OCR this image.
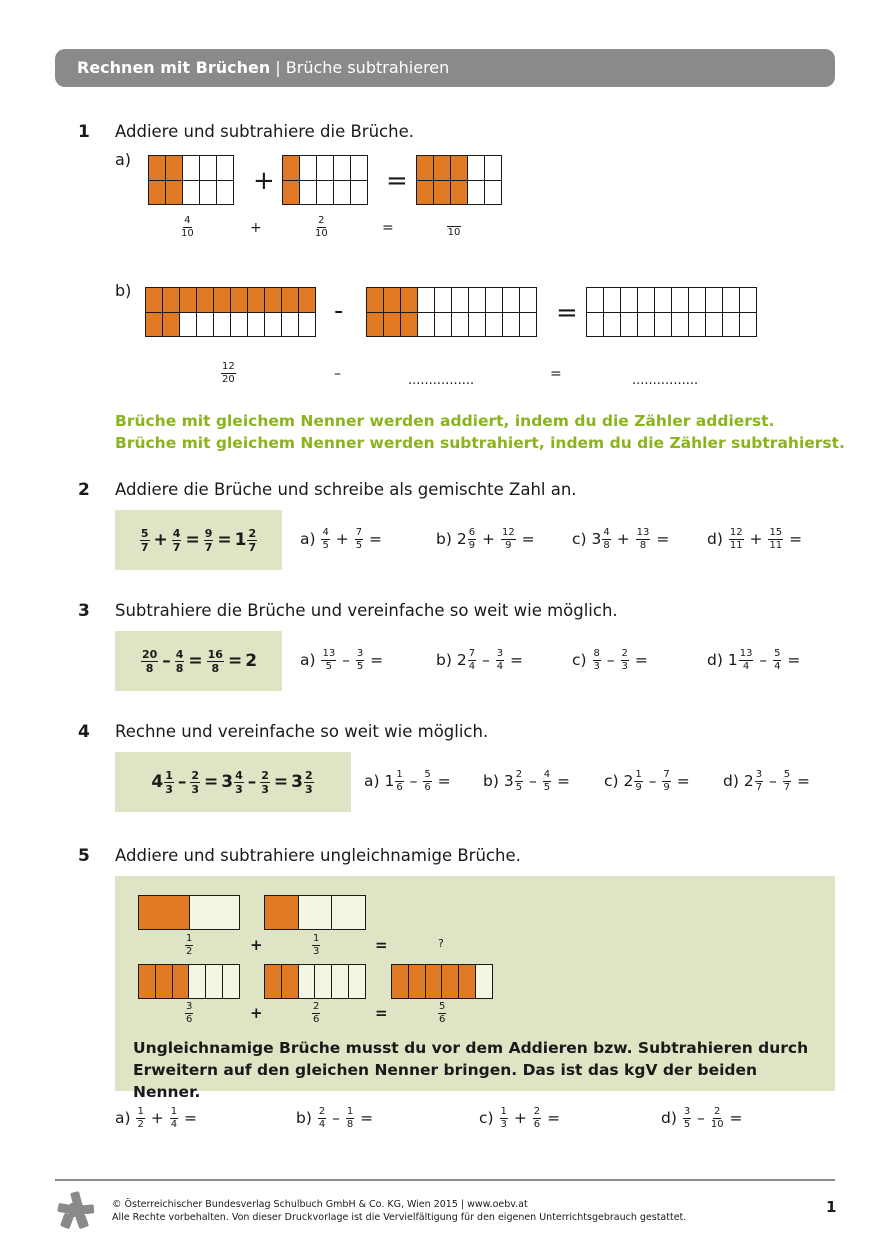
Rechnen mit Brüchen | Brüche subtrahieren
1 Addiere und subtrahiere die Brüche.
a)

+

					=

$\frac{4}{10}$	+	$\frac{2}{10}$	=	10
b)

-

										=

$\frac{12}{20}$	–	................	=	................
Brüche mit gleichem Nenner werden addiert, indem du die Zähler addierst.
Brüche mit gleichem Nenner werden subtrahiert, indem du die Zähler subtrahierst.
2 Addiere die Brüche und schreibe als gemischte Zahl an.
$\frac{5}{7} + \frac{4}{7} = \frac{9}{7} = 1 \frac{2}{7}$	a)
$\frac{4}{5}$
+
$\frac{7}{5}$
=	b)
$2 \frac{6}{9}$
+
$\frac{12}{9}$
= c)
$3 \frac{4}{8}$
+
$\frac{13}{8}$
= d)
$\frac{12}{11}$
+
$\frac{15}{11}$
=
3 Subtrahiere die Brüche und vereinfache so weit wie möglich.
$\frac{20}{8} - \frac{4}{8} = \frac{16}{8} = 2$	a)
$\frac{13}{5}$
–
$\frac{3}{5}$
=	b)
$2 \frac{7}{4}$
–
$\frac{3}{4}$
=	c)
$\frac{8}{3}$
–
$\frac{2}{3}$
=	d)
$1 \frac{13}{4}$
–
$\frac{5}{4}$
=
4 Rechne und vereinfache so weit wie möglich.
$4 \frac{1}{3} - \frac{2}{3} = 3 \frac{4}{3} - \frac{2}{3} = 3 \frac{2}{3}$	a)
$1 \frac{1}{6}$
–
$\frac{5}{6}$
= b)
$3 \frac{2}{5}$
–
$\frac{4}{5}$
= c)
$2 \frac{1}{9}$
–
$\frac{7}{9}$
= d)
$2 \frac{3}{7}$
–
$\frac{5}{7}$
=
5 Addiere und subtrahiere ungleichnamige Brüche.

$\frac{1}{2}$	+	$\frac{1}{3}$	=	?

$\frac{3}{6}$	+	$\frac{2}{6}$	=	$\frac{5}{6}$
Ungleichnamige Brüche musst du vor dem Addieren bzw. Subtrahieren durch Erweitern auf den gleichen Nenner bringen. Das ist das kgV der beiden Nenner.
a)
$\frac{1}{2}$
+
$\frac{1}{4}$
=	b)
$\frac{2}{4}$
–
$\frac{1}{8}$
=	c)
$\frac{1}{3}$
+
$\frac{2}{6}$
=	d)
$\frac{3}{5}$
–
$\frac{2}{10}$
=
© Österreichischer Bundesverlag Schulbuch GmbH & Co. KG, Wien 2015 | www.oebv.at
Alle Rechte vorbehalten. Von dieser Druckvorlage ist die Vervielfältigung für den eigenen Unterrichtsgebrauch gestattet.
1
